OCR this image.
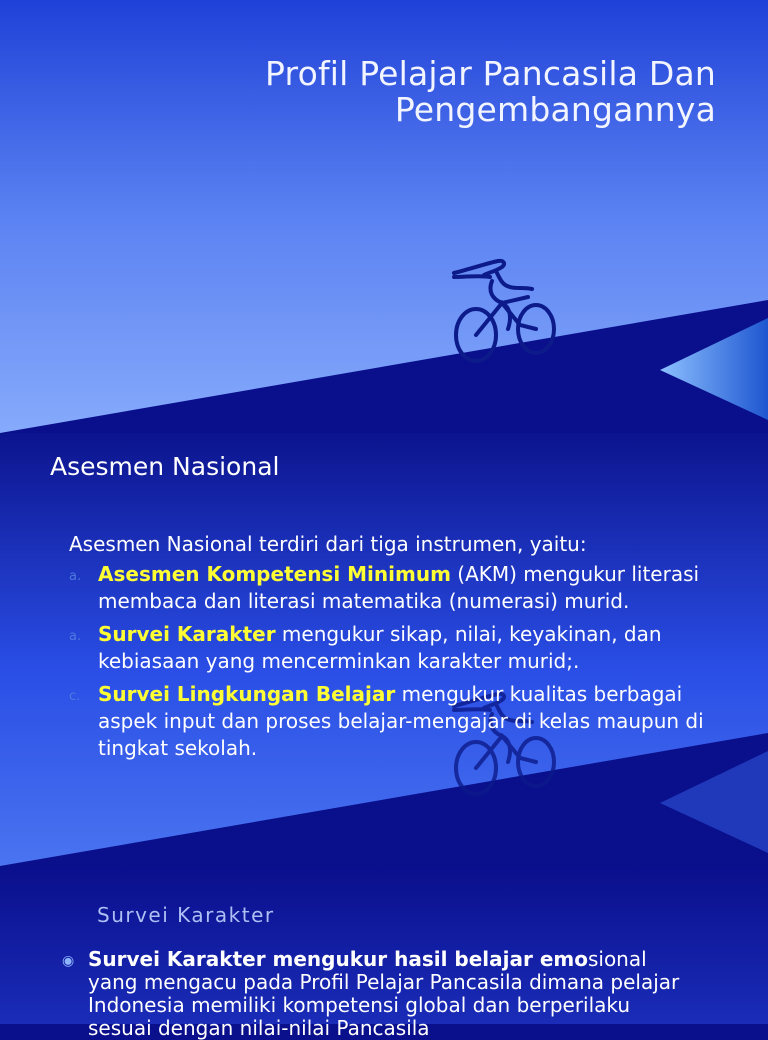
Profil Pelajar Pancasila Dan
Pengembangannya
Asesmen Nasional

Asesmen Nasional terdiri dari tiga instrumen, yaitu:

a. Asesmen Kompetensi Minimum (AKM) mengukur literasi membaca dan literasi matematika (numerasi) murid.
a. Survei Karakter mengukur sikap, nilai, keyakinan, dan kebiasaan yang mencerminkan karakter murid;.
c. Survei Lingkungan Belajar mengukur kualitas berbagai aspek input dan proses belajar-mengajar di kelas maupun di tingkat sekolah.
Survei Karakter
◉ Survei Karakter mengukur hasil belajar emosional yang mengacu pada Profil Pelajar Pancasila dimana pelajar Indonesia memiliki kompetensi global dan berperilaku sesuai dengan nilai-nilai Pancasila
